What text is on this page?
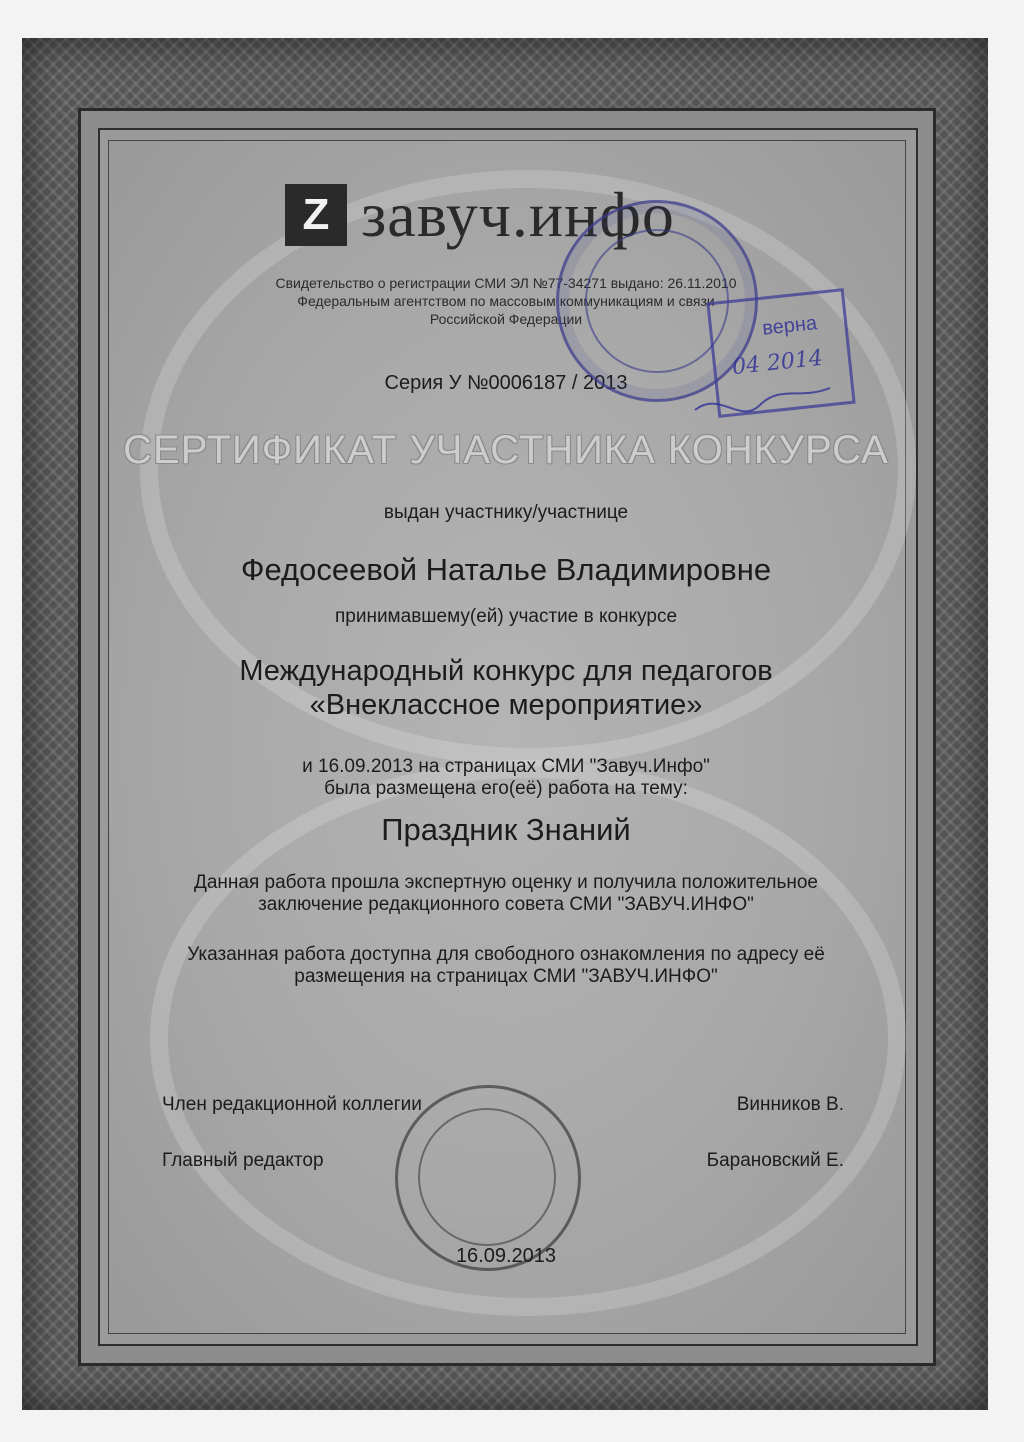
Z завуч.инфо
Свидетельство о регистрации СМИ ЭЛ №77-34271 выдано: 26.11.2010
Федеральным агентством по массовым коммуникациям и связи
Российской Федерации
Серия У №0006187 / 2013
СЕРТИФИКАТ УЧАСТНИКА КОНКУРСА
выдан участнику/участнице
Федосеевой Наталье Владимировне
принимавшему(ей) участие в конкурсе
Международный конкурс для педагогов
«Внеклассное мероприятие»
и 16.09.2013 на страницах СМИ "Завуч.Инфо"
была размещена его(её) работа на тему:
Праздник Знаний
Данная работа прошла экспертную оценку и получила положительное
заключение редакционного совета СМИ "ЗАВУЧ.ИНФО"
Указанная работа доступна для свободного ознакомления по адресу её
размещения на страницах СМИ "ЗАВУЧ.ИНФО"
Член редакционной коллегии	Винников В.
Главный редактор	Барановский Е.
16.09.2013
верна
04 2014
